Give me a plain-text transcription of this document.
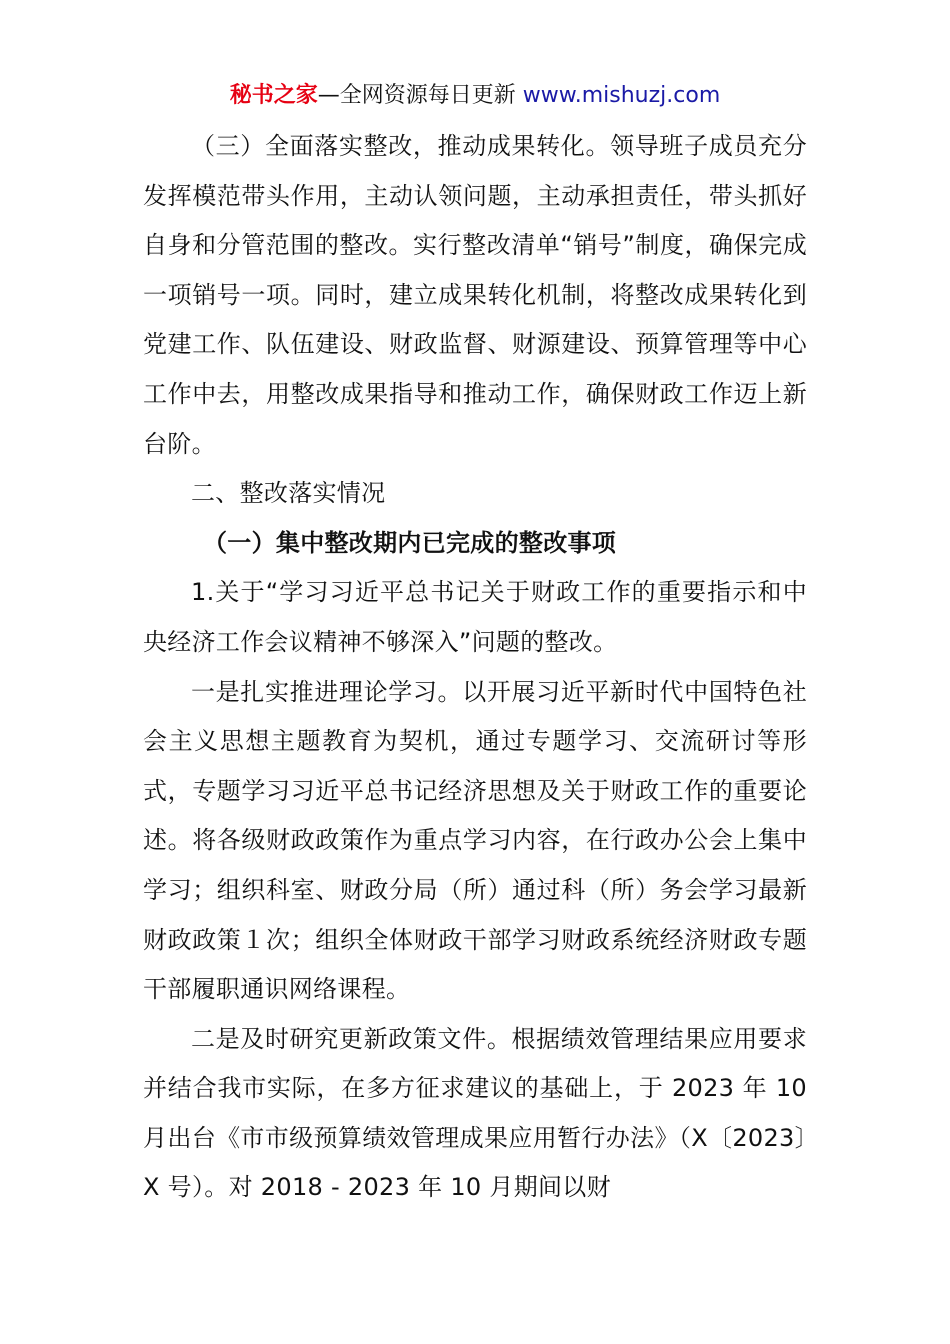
秘书之家—全网资源每日更新 www.mishuzj.com

（三）全面落实整改，推动成果转化。领导班子成员充分发挥模范带头作用，主动认领问题，主动承担责任，带头抓好自身和分管范围的整改。实行整改清单“销号”制度，确保完成一项销号一项。同时，建立成果转化机制，将整改成果转化到党建工作、队伍建设、财政监督、财源建设、预算管理等中心工作中去，用整改成果指导和推动工作，确保财政工作迈上新台阶。

二、整改落实情况

（一）集中整改期内已完成的整改事项

1.关于“学习习近平总书记关于财政工作的重要指示和中央经济工作会议精神不够深入”问题的整改。

一是扎实推进理论学习。以开展习近平新时代中国特色社会主义思想主题教育为契机，通过专题学习、交流研讨等形式，专题学习习近平总书记经济思想及关于财政工作的重要论述。将各级财政政策作为重点学习内容，在行政办公会上集中学习；组织科室、财政分局（所）通过科（所）务会学习最新财政政策１次；组织全体财政干部学习财政系统经济财政专题干部履职通识网络课程。

二是及时研究更新政策文件。根据绩效管理结果应用要求并结合我市实际，在多方征求建议的基础上，于 2023 年 10 月出台《市市级预算绩效管理成果应用暂行办法》（X〔2023〕X 号）。对 2018 - 2023 年 10 月期间以财
